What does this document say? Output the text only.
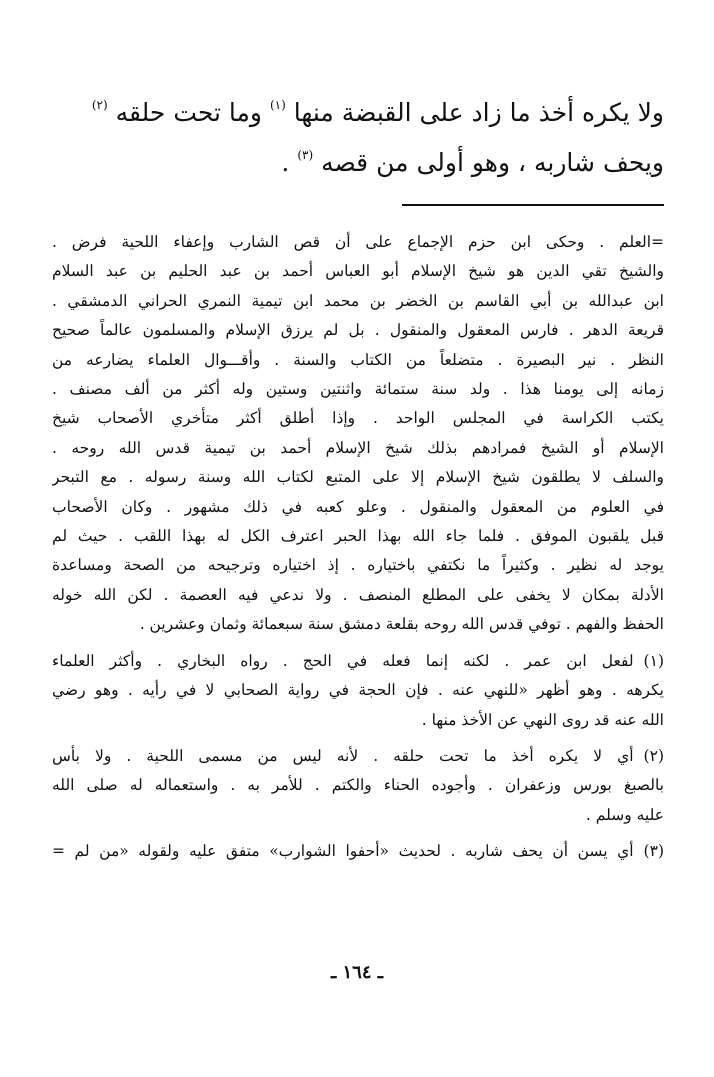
ولا يكره أخذ ما زاد على القبضة منها $^{(١)}$ وما تحت حلقه $^{(٢)}$
ويحف شاربه ، وهو أولى من قصه $^{(٣)}$ .
=العلم . وحكى ابن حزم الإجماع على أن قص الشارب وإعفاء اللحية فرض .
والشيخ تقي الدين هو شيخ الإسلام أبو العباس أحمد بن عبد الحليم بن عبد السلام
ابن عبدالله بن أبي القاسم بن الخضر بن محمد ابن تيمية النمري الحراني الدمشقي .
قريعة الدهر . فارس المعقول والمنقول . بل لم يرزق الإسلام والمسلمون عالماً صحيح
النظر . نير البصيرة . متضلعاً من الكتاب والسنة . وأقـــوال العلماء يضارعه من
زمانه إلى يومنا هذا . ولد سنة ستمائة واثنتين وستين وله أكثر من ألف مصنف .
يكتب الكراسة في المجلس الواحد . وإذا أطلق أكثر متأخري الأصحاب شيخ
الإسلام أو الشيخ فمرادهم بذلك شيخ الإسلام أحمد بن تيمية قدس الله روحه .
والسلف لا يطلقون شيخ الإسلام إلا على المتبع لكتاب الله وسنة رسوله . مع التبحر
في العلوم من المعقول والمنقول . وعلو كعبه في ذلك مشهور . وكان الأصحاب
قبل يلقبون الموفق . فلما جاء الله بهذا الحبر اعترف الكل له بهذا اللقب . حيث لم
يوجد له نظير . وكثيراً ما نكتفي باختياره . إذ اختياره وترجيحه من الصحة ومساعدة
الأدلة بمكان لا يخفى على المطلع المنصف . ولا ندعي فيه العصمة . لكن الله خوله
الحفظ والفهم . توفي قدس الله روحه بقلعة دمشق سنة سبعمائة وثمان وعشرين .
(١)لفعل ابن عمر . لكنه إنما فعله في الحج . رواه البخاري . وأكثر العلماء
يكرهه . وهو أظهر «للنهي عنه . فإن الحجة في رواية الصحابي لا في رأيه . وهو رضي
الله عنه قد روى النهي عن الأخذ منها .
(٢)أي لا يكره أخذ ما تحت حلقه . لأنه ليس من مسمى اللحية . ولا بأس
بالصبغ بورس وزعفران . وأجوده الحناء والكتم . للأمر به . واستعماله له صلى الله
عليه وسلم .
(٣)أي يسن أن يحف شاربه . لحديث «أحفوا الشوارب» متفق عليه ولقوله «من لم =
ـ ١٦٤ ـ
